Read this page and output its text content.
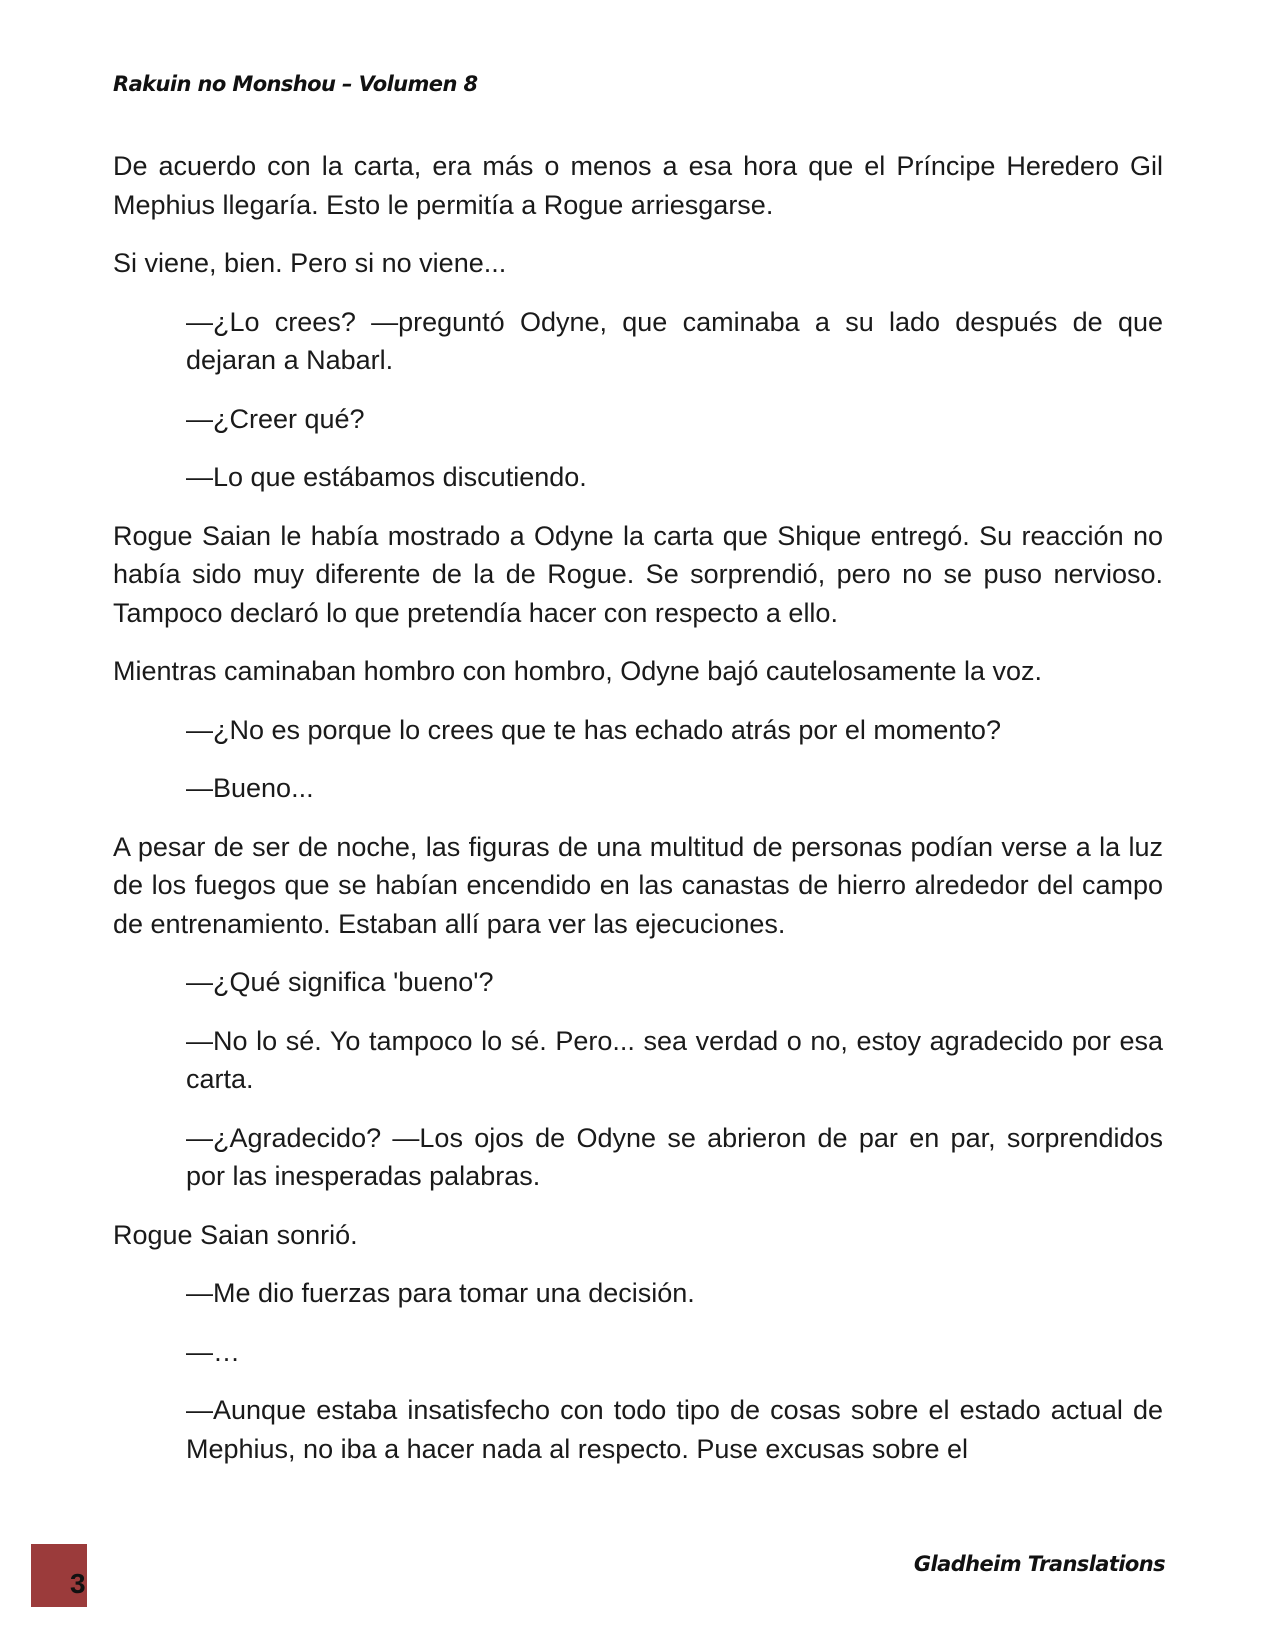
Rakuin no Monshou – Volumen 8

De acuerdo con la carta, era más o menos a esa hora que el Príncipe Heredero Gil Mephius llegaría. Esto le permitía a Rogue arriesgarse.

Si viene, bien. Pero si no viene...

—¿Lo crees? —preguntó Odyne, que caminaba a su lado después de que dejaran a Nabarl.

—¿Creer qué?

—Lo que estábamos discutiendo.

Rogue Saian le había mostrado a Odyne la carta que Shique entregó. Su reacción no había sido muy diferente de la de Rogue. Se sorprendió, pero no se puso nervioso. Tampoco declaró lo que pretendía hacer con respecto a ello.

Mientras caminaban hombro con hombro, Odyne bajó cautelosamente la voz.

—¿No es porque lo crees que te has echado atrás por el momento?

—Bueno...

A pesar de ser de noche, las figuras de una multitud de personas podían verse a la luz de los fuegos que se habían encendido en las canastas de hierro alrededor del campo de entrenamiento. Estaban allí para ver las ejecuciones.

—¿Qué significa 'bueno'?

—No lo sé. Yo tampoco lo sé. Pero... sea verdad o no, estoy agradecido por esa carta.

—¿Agradecido? —Los ojos de Odyne se abrieron de par en par, sorprendidos por las inesperadas palabras.

Rogue Saian sonrió.

—Me dio fuerzas para tomar una decisión.

—…

—Aunque estaba insatisfecho con todo tipo de cosas sobre el estado actual de Mephius, no iba a hacer nada al respecto. Puse excusas sobre el

3
Gladheim Translations
